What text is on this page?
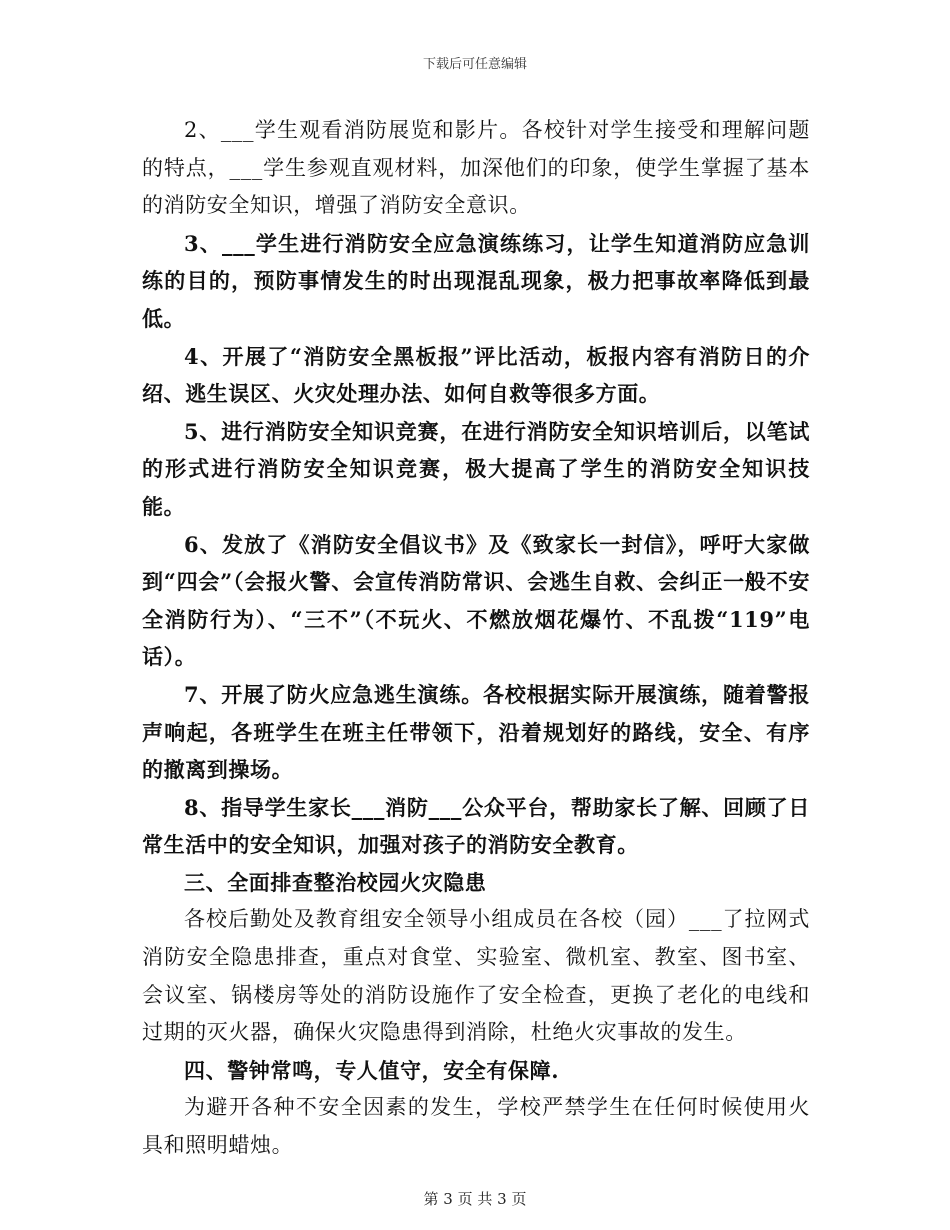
下载后可任意编辑

2、___学生观看消防展览和影片。各校针对学生接受和理解问题的特点，___学生参观直观材料，加深他们的印象，使学生掌握了基本的消防安全知识，增强了消防安全意识。

3、___学生进行消防安全应急演练练习，让学生知道消防应急训练的目的，预防事情发生的时出现混乱现象，极力把事故率降低到最低。

4、开展了“消防安全黑板报”评比活动，板报内容有消防日的介绍、逃生误区、火灾处理办法、如何自救等很多方面。

5、进行消防安全知识竞赛，在进行消防安全知识培训后，以笔试的形式进行消防安全知识竞赛，极大提高了学生的消防安全知识技能。

6、发放了《消防安全倡议书》及《致家长一封信》，呼吁大家做到“四会”（会报火警、会宣传消防常识、会逃生自救、会纠正一般不安全消防行为）、“三不”（不玩火、不燃放烟花爆竹、不乱拨“119”电话）。

7、开展了防火应急逃生演练。各校根据实际开展演练，随着警报声响起，各班学生在班主任带领下，沿着规划好的路线，安全、有序的撤离到操场。

8、指导学生家长___消防___公众平台，帮助家长了解、回顾了日常生活中的安全知识，加强对孩子的消防安全教育。

三、全面排查整治校园火灾隐患

各校后勤处及教育组安全领导小组成员在各校（园）___了拉网式消防安全隐患排查，重点对食堂、实验室、微机室、教室、图书室、会议室、锅楼房等处的消防设施作了安全检查，更换了老化的电线和过期的灭火器，确保火灾隐患得到消除，杜绝火灾事故的发生。

四、警钟常鸣，专人值守，安全有保障.

为避开各种不安全因素的发生，学校严禁学生在任何时候使用火具和照明蜡烛。

第 3 页 共 3 页
